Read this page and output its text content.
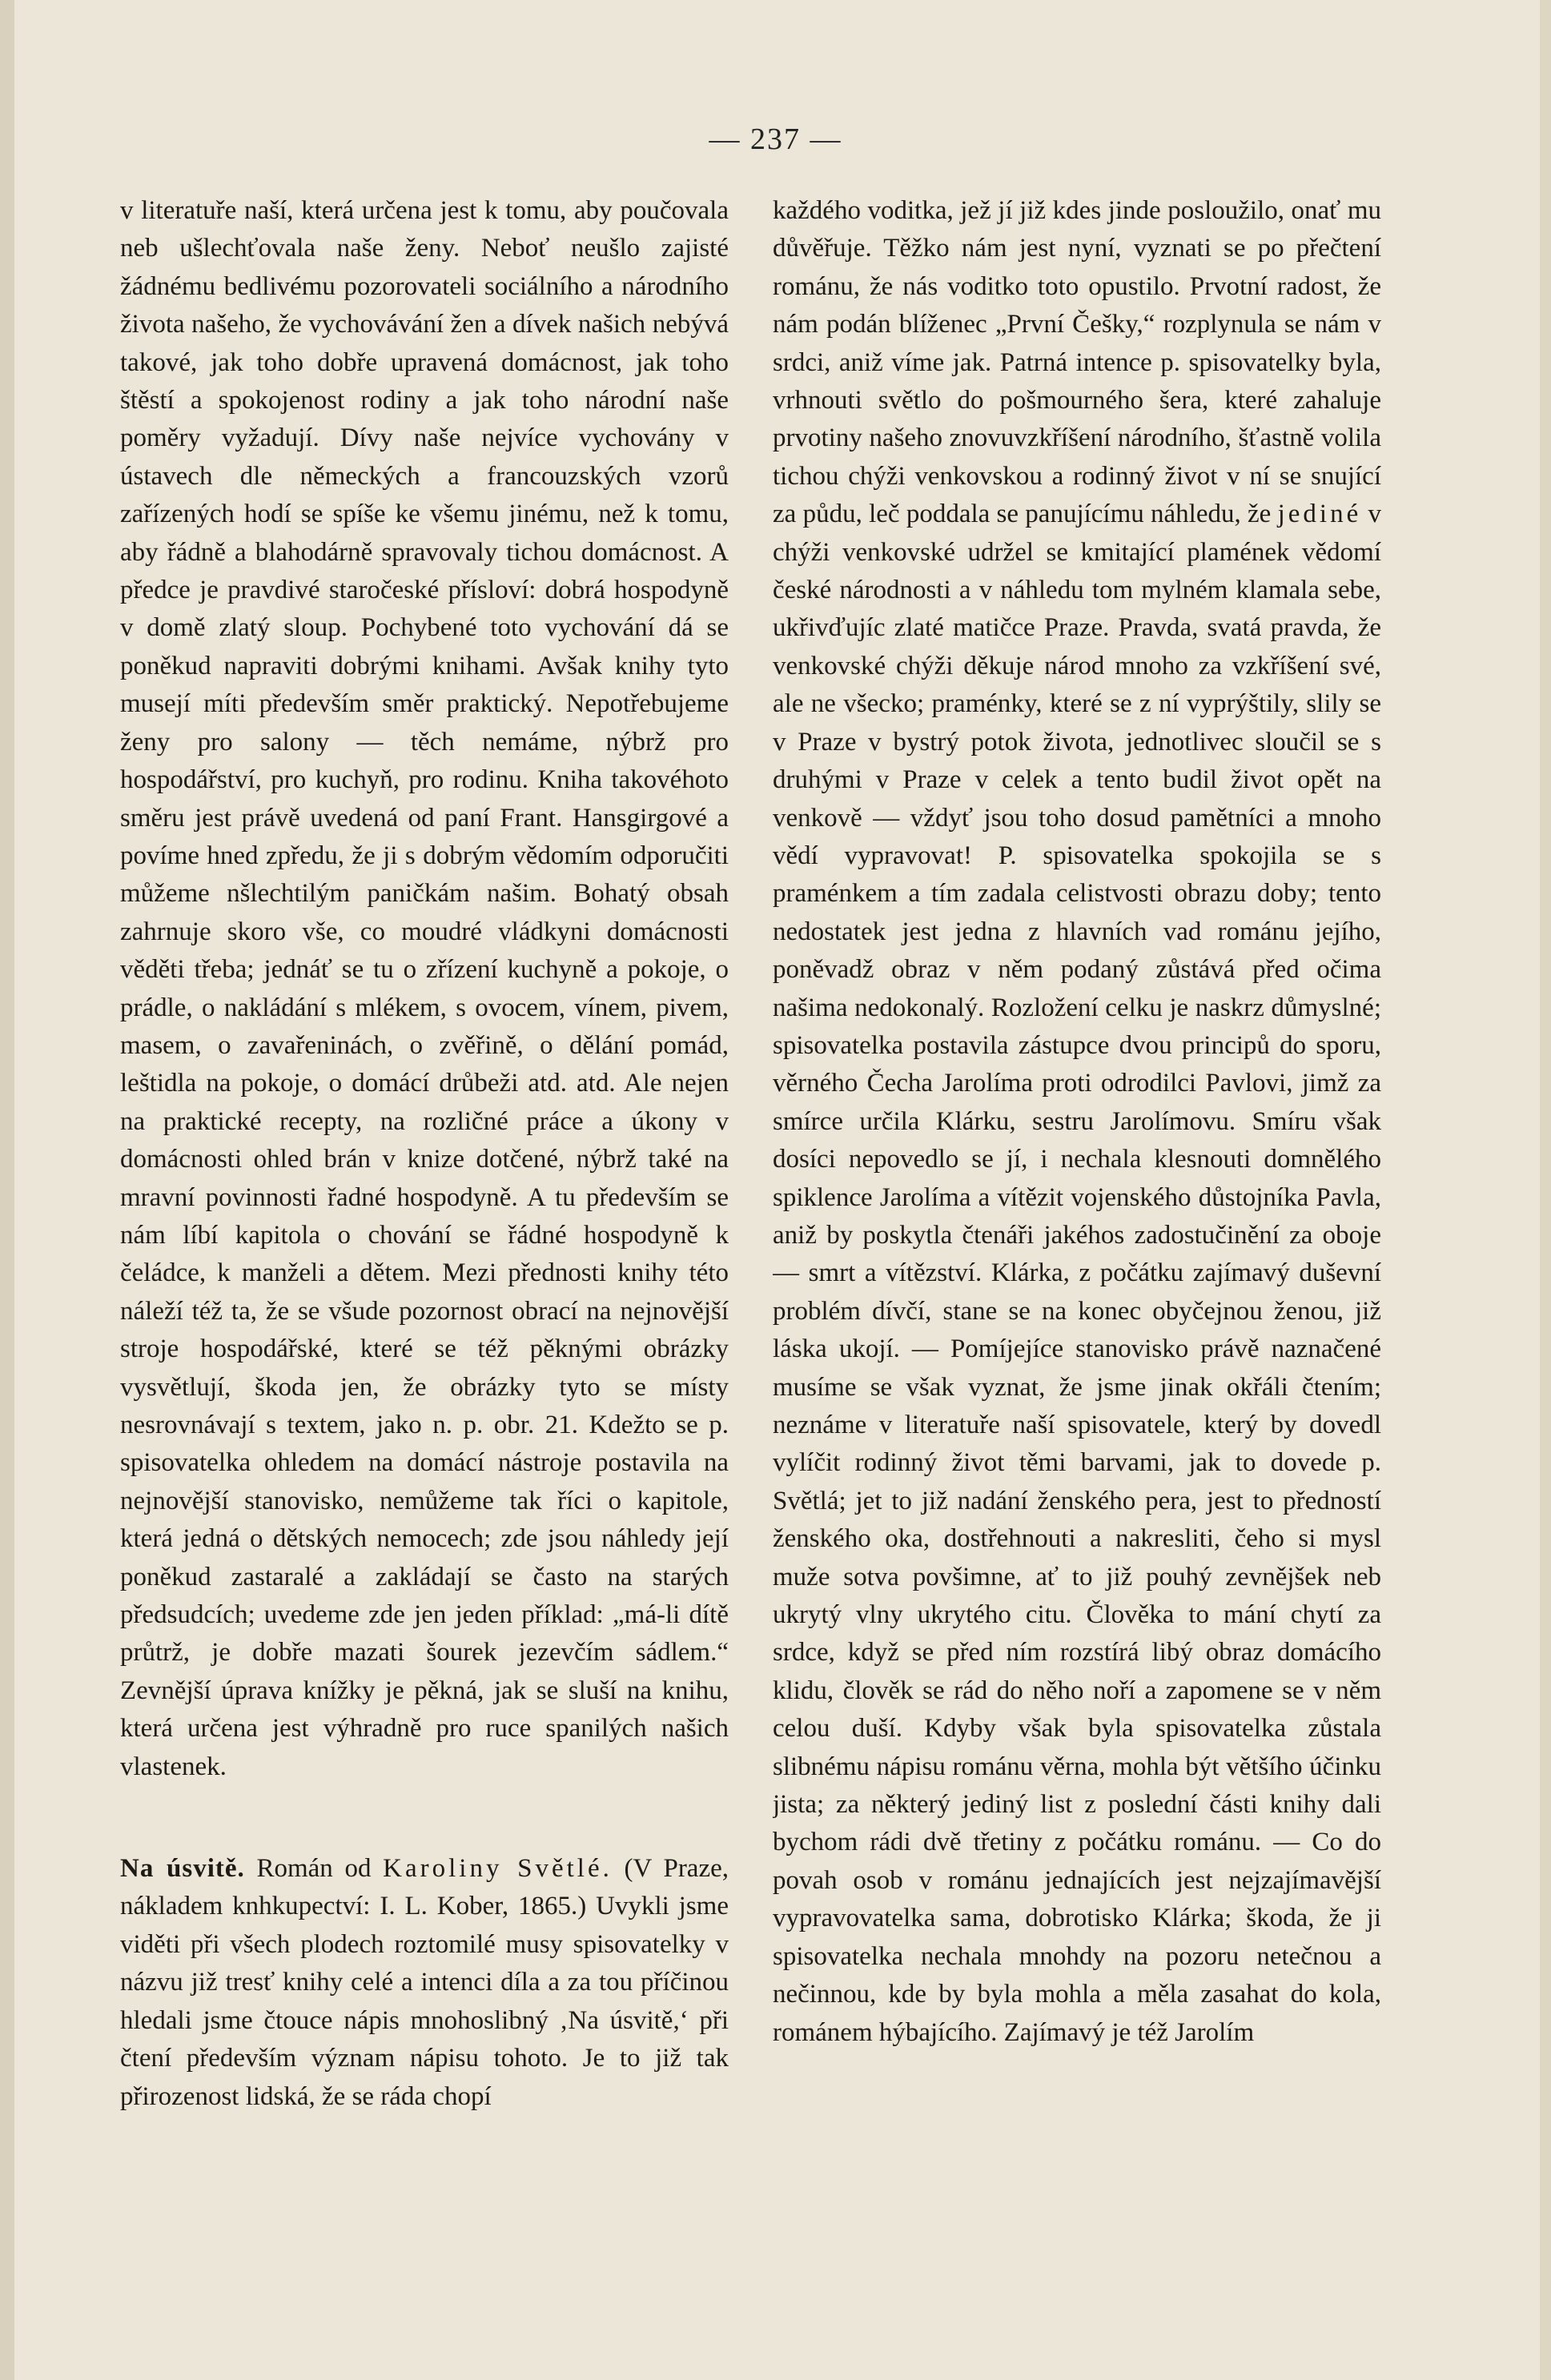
— 237 —

v literatuře naší, která určena jest k tomu, aby poučovala neb ušlechťovala naše ženy. Neboť neušlo zajisté žádnému bedlivému pozorovateli sociálního a národního života našeho, že vychovávání žen a dívek našich nebývá takové, jak toho dobře upravená domácnost, jak toho štěstí a spokojenost rodiny a jak toho národní naše poměry vyžadují. Dívy naše nejvíce vychovány v ústavech dle německých a francouzských vzorů zařízených hodí se spíše ke všemu jinému, než k tomu, aby řádně a blahodárně spravovaly tichou domácnost. A předce je pravdivé staročeské přísloví: dobrá hospodyně v domě zlatý sloup. Pochybené toto vychování dá se poněkud napraviti dobrými knihami. Avšak knihy tyto musejí míti především směr praktický. Nepotřebujeme ženy pro salony — těch nemáme, nýbrž pro hospodářství, pro kuchyň, pro rodinu. Kniha takovéhoto směru jest právě uvedená od paní Frant. Hansgirgové a povíme hned zpředu, že ji s dobrým vědomím odporučiti můžeme nšlechtilým paničkám našim. Bohatý obsah zahrnuje skoro vše, co moudré vládkyni domácnosti věděti třeba; jednáť se tu o zřízení kuchyně a pokoje, o prádle, o nakládání s mlékem, s ovocem, vínem, pivem, masem, o zavařeninách, o zvěřině, o dělání pomád, leštidla na pokoje, o domácí drůbeži atd. atd. Ale nejen na praktické recepty, na rozličné práce a úkony v domácnosti ohled brán v knize dotčené, nýbrž také na mravní povinnosti řadné hospodyně. A tu především se nám líbí kapitola o chování se řádné hospodyně k čeládce, k manželi a dětem. Mezi přednosti knihy této náleží též ta, že se všude pozornost obrací na nejnovější stroje hospodářské, které se též pěknými obrázky vysvětlují, škoda jen, že obrázky tyto se místy nesrovnávají s textem, jako n. p. obr. 21. Kdežto se p. spisovatelka ohledem na domácí nástroje postavila na nejnovější stanovisko, nemůžeme tak říci o kapitole, která jedná o dětských nemocech; zde jsou náhledy její poněkud zastaralé a zakládají se často na starých předsudcích; uvedeme zde jen jeden příklad: „má-li dítě průtrž, je dobře mazati šourek jezevčím sádlem.“ Zevnější úprava knížky je pěkná, jak se sluší na knihu, která určena jest výhradně pro ruce spanilých našich vlastenek.

Na úsvitě. Román od Karoliny Světlé. (V Praze, nákladem knhkupectví: I. L. Kober, 1865.) Uvykli jsme viděti při všech plodech roztomilé musy spisovatelky v názvu již tresť knihy celé a intenci díla a za tou příčinou hledali jsme čtouce nápis mnohoslibný ‚Na úsvitě,‘ při čtení především význam nápisu tohoto. Je to již tak přirozenost lidská, že se ráda chopí

každého voditka, jež jí již kdes jinde posloužilo, onať mu důvěřuje. Těžko nám jest nyní, vyznati se po přečtení románu, že nás voditko toto opustilo. Prvotní radost, že nám podán blíženec „První Češky,“ rozplynula se nám v srdci, aniž víme jak. Patrná intence p. spisovatelky byla, vrhnouti světlo do pošmourného šera, které zahaluje prvotiny našeho znovuvzkříšení národního, šťastně volila tichou chýži venkovskou a rodinný život v ní se snující za půdu, leč poddala se panujícímu náhledu, že jediné v chýži venkovské udržel se kmitající plamének vědomí české národnosti a v náhledu tom mylném klamala sebe, ukřivďujíc zlaté matičce Praze. Pravda, svatá pravda, že venkovské chýži děkuje národ mnoho za vzkříšení své, ale ne všecko; praménky, které se z ní vyprýštily, slily se v Praze v bystrý potok života, jednotlivec sloučil se s druhými v Praze v celek a tento budil život opět na venkově — vždyť jsou toho dosud pamětníci a mnoho vědí vypravovat! P. spisovatelka spokojila se s praménkem a tím zadala celistvosti obrazu doby; tento nedostatek jest jedna z hlavních vad románu jejího, poněvadž obraz v něm podaný zůstává před očima našima nedokonalý. Rozložení celku je naskrz důmyslné; spisovatelka postavila zástupce dvou principů do sporu, věrného Čecha Jarolíma proti odrodilci Pavlovi, jimž za smírce určila Klárku, sestru Jarolímovu. Smíru však dosíci nepovedlo se jí, i nechala klesnouti domnělého spiklence Jarolíma a vítězit vojenského důstojníka Pavla, aniž by poskytla čtenáři jakéhos zadostučinění za oboje — smrt a vítězství. Klárka, z počátku zajímavý duševní problém dívčí, stane se na konec obyčejnou ženou, již láska ukojí. — Pomíjejíce stanovisko právě naznačené musíme se však vyznat, že jsme jinak okřáli čtením; neznáme v literatuře naší spisovatele, který by dovedl vylíčit rodinný život těmi barvami, jak to dovede p. Světlá; jet to již nadání ženského pera, jest to předností ženského oka, dostřehnouti a nakresliti, čeho si mysl muže sotva povšimne, ať to již pouhý zevnějšek neb ukrytý vlny ukrytého citu. Člověka to mání chytí za srdce, když se před ním rozstírá libý obraz domácího klidu, člověk se rád do něho noří a zapomene se v něm celou duší. Kdyby však byla spisovatelka zůstala slibnému nápisu románu věrna, mohla být většího účinku jista; za některý jediný list z poslední části knihy dali bychom rádi dvě třetiny z počátku románu. — Co do povah osob v románu jednajících jest nejzajímavější vypravovatelka sama, dobrotisko Klárka; škoda, že ji spisovatelka nechala mnohdy na pozoru netečnou a nečinnou, kde by byla mohla a měla zasahat do kola, románem hýbajícího. Zajímavý je též Jarolím
